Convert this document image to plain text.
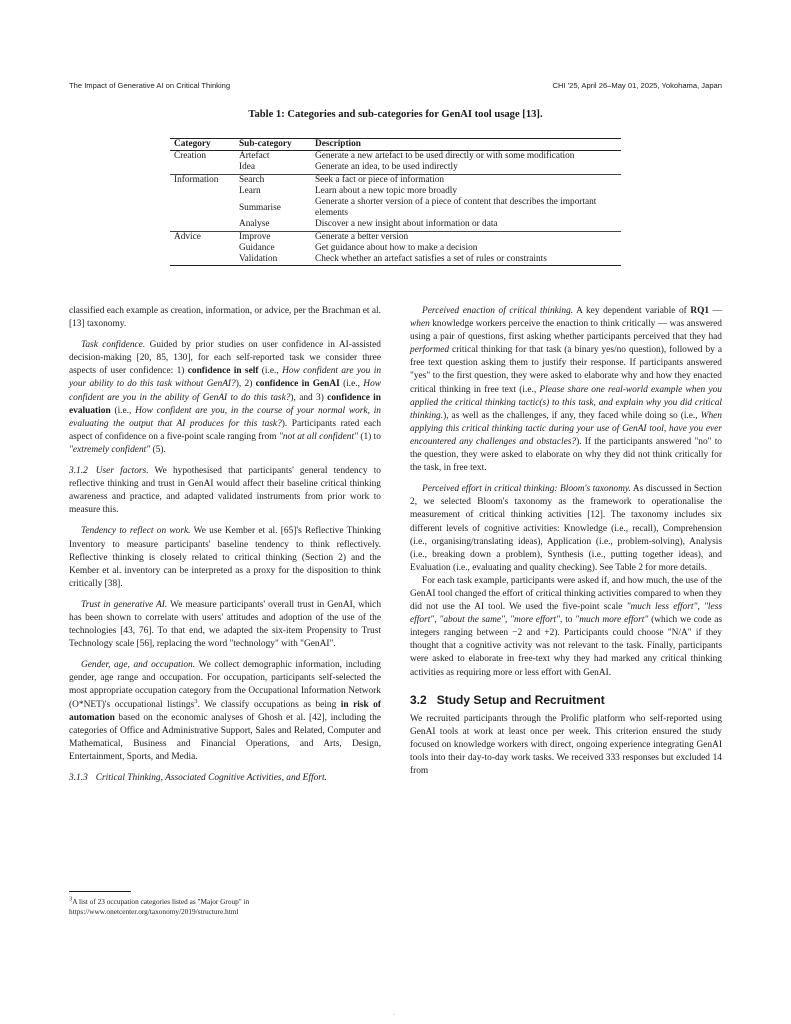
The Impact of Generative AI on Critical Thinking	CHI '25, April 26–May 01, 2025, Yokohama, Japan
Table 1: Categories and sub-categories for GenAI tool usage [13].
Category	Sub-category	Description
Creation	Artefact	Generate a new artefact to be used directly or with some modification
	Idea	Generate an idea, to be used indirectly
Information	Search	Seek a fact or piece of information
	Learn	Learn about a new topic more broadly
	Summarise	Generate a shorter version of a piece of content that describes the important elements
	Analyse	Discover a new insight about information or data
Advice	Improve	Generate a better version
	Guidance	Get guidance about how to make a decision
	Validation	Check whether an artefact satisfies a set of rules or constraints

classified each example as creation, information, or advice, per the Brachman et al. [13] taxonomy.

Task confidence. Guided by prior studies on user confidence in AI-assisted decision-making [20, 85, 130], for each self-reported task we consider three aspects of user confidence: 1) confidence in self (i.e., How confident are you in your ability to do this task without GenAI?), 2) confidence in GenAI (i.e., How confident are you in the ability of GenAI to do this task?), and 3) confidence in evaluation (i.e., How confident are you, in the course of your normal work, in evaluating the output that AI produces for this task?). Participants rated each aspect of confidence on a five-point scale ranging from "not at all confident" (1) to "extremely confident" (5).

3.1.2 User factors. We hypothesised that participants' general tendency to reflective thinking and trust in GenAI would affect their baseline critical thinking awareness and practice, and adapted validated instruments from prior work to measure this.

Tendency to reflect on work. We use Kember et al. [65]'s Reflective Thinking Inventory to measure participants' baseline tendency to think reflectively. Reflective thinking is closely related to critical thinking (Section 2) and the Kember et al. inventory can be interpreted as a proxy for the disposition to think critically [38].

Trust in generative AI. We measure participants' overall trust in GenAI, which has been shown to correlate with users' attitudes and adoption of the use of the technologies [43, 76]. To that end, we adapted the six-item Propensity to Trust Technology scale [56], replacing the word "technology" with "GenAI".

Gender, age, and occupation. We collect demographic information, including gender, age range and occupation. For occupation, participants self-selected the most appropriate occupation category from the Occupational Information Network (O*NET)'s occupational listings$^3$. We classify occupations as being in risk of automation based on the economic analyses of Ghosh et al. [42], including the categories of Office and Administrative Support, Sales and Related, Computer and Mathematical, Business and Financial Operations, and Arts, Design, Entertainment, Sports, and Media.

3.1.3 Critical Thinking, Associated Cognitive Activities, and Effort.

$^3$A list of 23 occupation categories listed as "Major Group" in https://www.onetcenter.org/taxonomy/2019/structure.html

Perceived enaction of critical thinking. A key dependent variable of RQ1 — when knowledge workers perceive the enaction to think critically — was answered using a pair of questions, first asking whether participants perceived that they had performed critical thinking for that task (a binary yes/no question), followed by a free text question asking them to justify their response. If participants answered "yes" to the first question, they were asked to elaborate why and how they enacted critical thinking in free text (i.e., Please share one real-world example when you applied the critical thinking tactic(s) to this task, and explain why you did critical thinking.), as well as the challenges, if any, they faced while doing so (i.e., When applying this critical thinking tactic during your use of GenAI tool, have you ever encountered any challenges and obstacles?). If the participants answered "no" to the question, they were asked to elaborate on why they did not think critically for the task, in free text.

Perceived effort in critical thinking: Bloom's taxonomy. As discussed in Section 2, we selected Bloom's taxonomy as the framework to operationalise the measurement of critical thinking activities [12]. The taxonomy includes six different levels of cognitive activities: Knowledge (i.e., recall), Comprehension (i.e., organising/translating ideas), Application (i.e., problem-solving), Analysis (i.e., breaking down a problem), Synthesis (i.e., putting together ideas), and Evaluation (i.e., evaluating and quality checking). See Table 2 for more details.

For each task example, participants were asked if, and how much, the use of the GenAI tool changed the effort of critical thinking activities compared to when they did not use the AI tool. We used the five-point scale "much less effort", "less effort", "about the same", "more effort", to "much more effort" (which we code as integers ranging between −2 and +2). Participants could choose "N/A" if they thought that a cognitive activity was not relevant to the task. Finally, participants were asked to elaborate in free-text why they had marked any critical thinking activities as requiring more or less effort with GenAI.

3.2 Study Setup and Recruitment

We recruited participants through the Prolific platform who self-reported using GenAI tools at work at least once per week. This criterion ensured the study focused on knowledge workers with direct, ongoing experience integrating GenAI tools into their day-to-day work tasks. We received 333 responses but excluded 14 from

◦
